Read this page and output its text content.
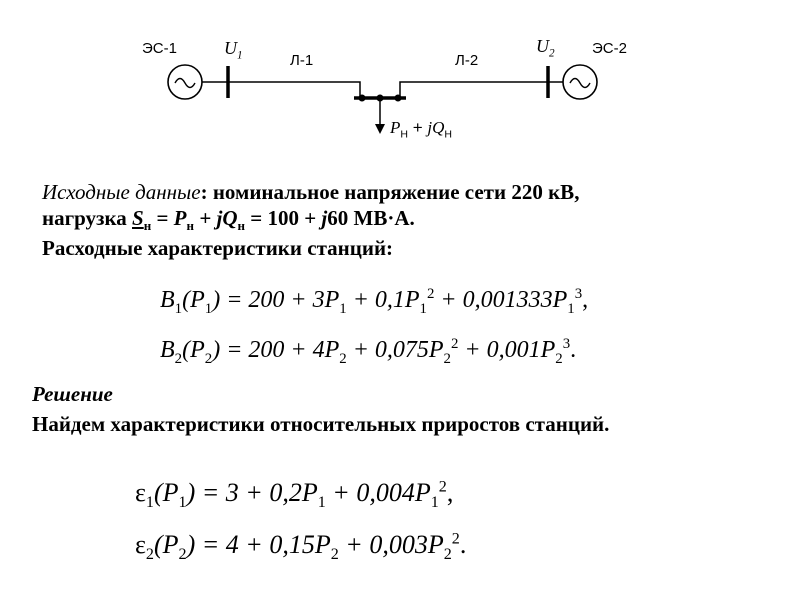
ЭС-1	$U_1$	Л-1	Л-2
$U_2$ ЭС-2
$P_Н + jQ_Н$
Исходные данные: номинальное напряжение сети 220 кВ,
нагрузка $S_н = P_н + jQ_н = 100 + j60$ МВ·А.
Расходные характеристики станций:
$B_1(P_1) = 200 + 3P_1 + 0,1P_1^2 + 0,001333P_1^3$,
$B_2(P_2) = 200 + 4P_2 + 0,075P_2^2 + 0,001P_2^3$.
Решение
Найдем характеристики относительных приростов станций.
$\varepsilon_1(P_1) = 3 + 0,2P_1 + 0,004P_1^2$,
$\varepsilon_2(P_2) = 4 + 0,15P_2 + 0,003P_2^2$.
